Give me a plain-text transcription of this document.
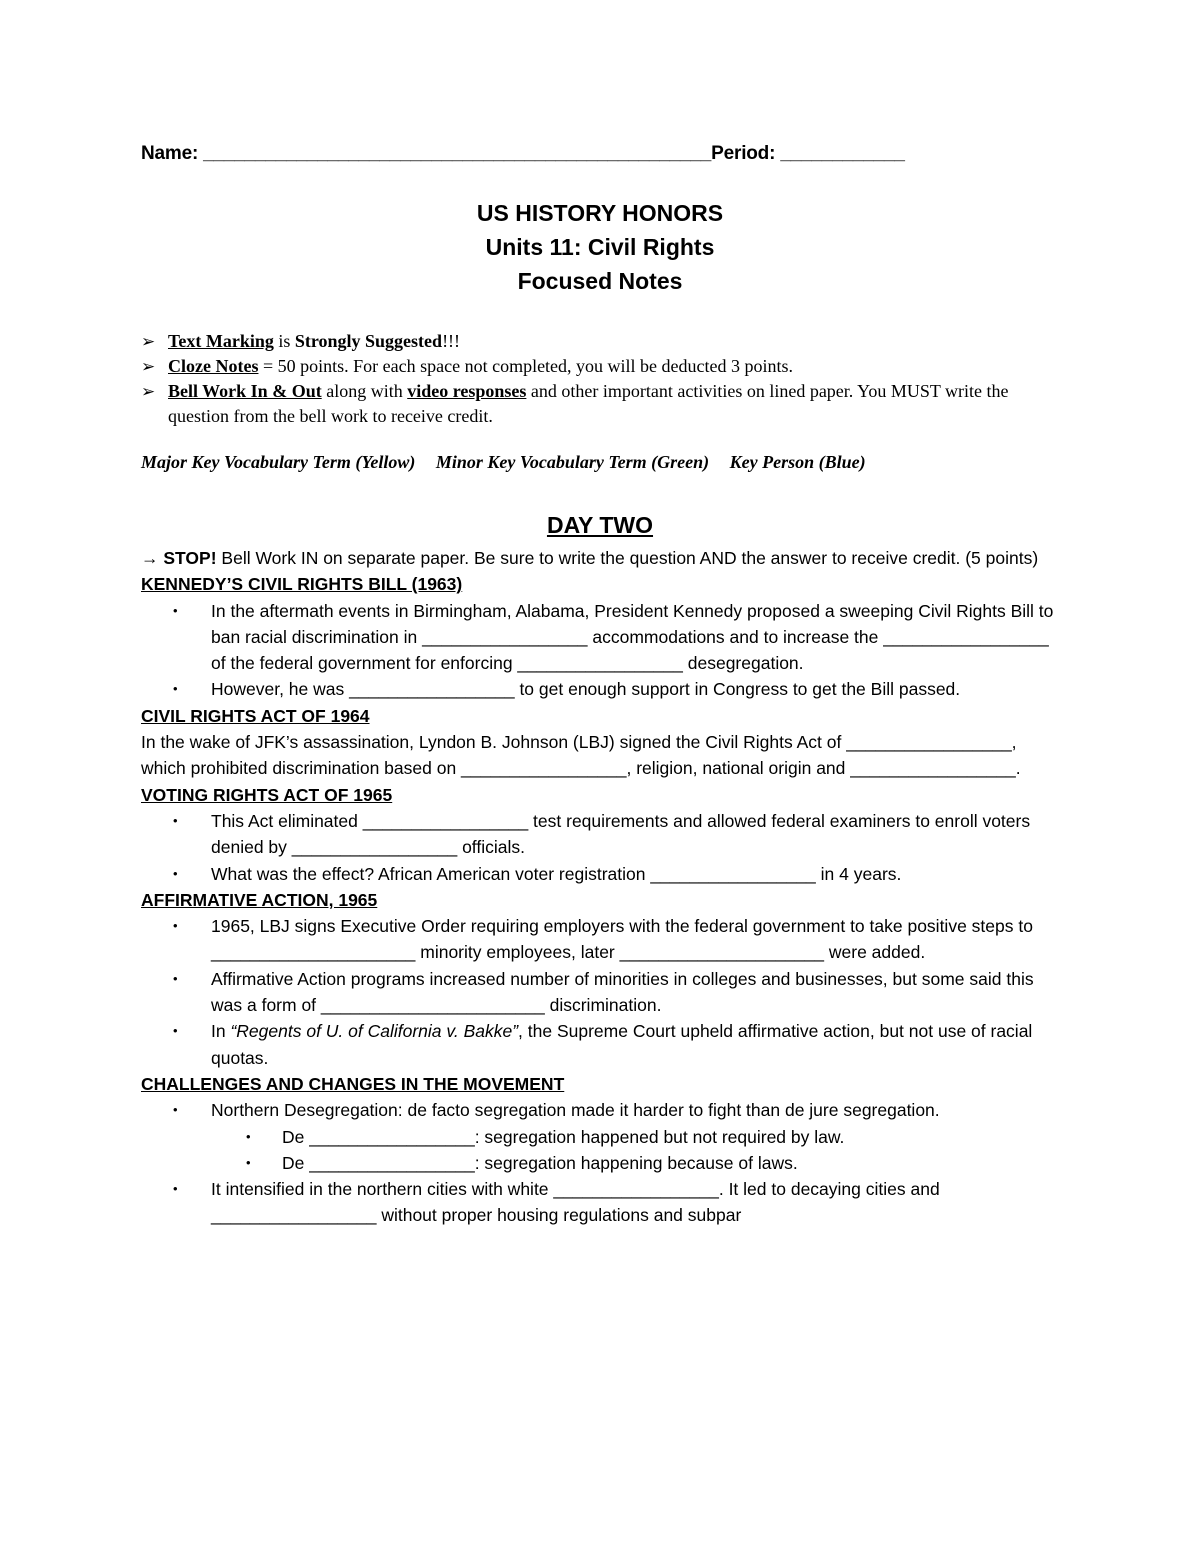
Name: _________________________________________________Period: ____________
US HISTORY HONORS
Units 11: Civil Rights
Focused Notes
➢ Text Marking is Strongly Suggested!!!
➢ Cloze Notes = 50 points. For each space not completed, you will be deducted 3 points.
➢ Bell Work In & Out along with video responses and other important activities on lined paper. You MUST write the question from the bell work to receive credit.
Major Key Vocabulary Term (Yellow) Minor Key Vocabulary Term (Green) Key Person (Blue)
DAY TWO

→ STOP! Bell Work IN on separate paper. Be sure to write the question AND the answer to receive credit. (5 points)

KENNEDY’S CIVIL RIGHTS BILL (1963)

• In the aftermath events in Birmingham, Alabama, President Kennedy proposed a sweeping Civil Rights Bill to ban racial discrimination in _________________ accommodations and to increase the _________________ of the federal government for enforcing _________________ desegregation.
• However, he was _________________ to get enough support in Congress to get the Bill passed.

CIVIL RIGHTS ACT OF 1964

In the wake of JFK’s assassination, Lyndon B. Johnson (LBJ) signed the Civil Rights Act of _________________, which prohibited discrimination based on _________________, religion, national origin and _________________.

VOTING RIGHTS ACT OF 1965

• This Act eliminated _________________ test requirements and allowed federal examiners to enroll voters denied by _________________ officials.
• What was the effect? African American voter registration _________________ in 4 years.

AFFIRMATIVE ACTION, 1965

• 1965, LBJ signs Executive Order requiring employers with the federal government to take positive steps to _____________________ minority employees, later _____________________ were added.
• Affirmative Action programs increased number of minorities in colleges and businesses, but some said this was a form of _______________________ discrimination.
• In “Regents of U. of California v. Bakke”, the Supreme Court upheld affirmative action, but not use of racial quotas.

CHALLENGES AND CHANGES IN THE MOVEMENT

• Northern Desegregation: de facto segregation made it harder to fight than de jure segregation.
• De _________________: segregation happened but not required by law.
• De _________________: segregation happening because of laws.
• It intensified in the northern cities with white _________________. It led to decaying cities and _________________ without proper housing regulations and subpar
